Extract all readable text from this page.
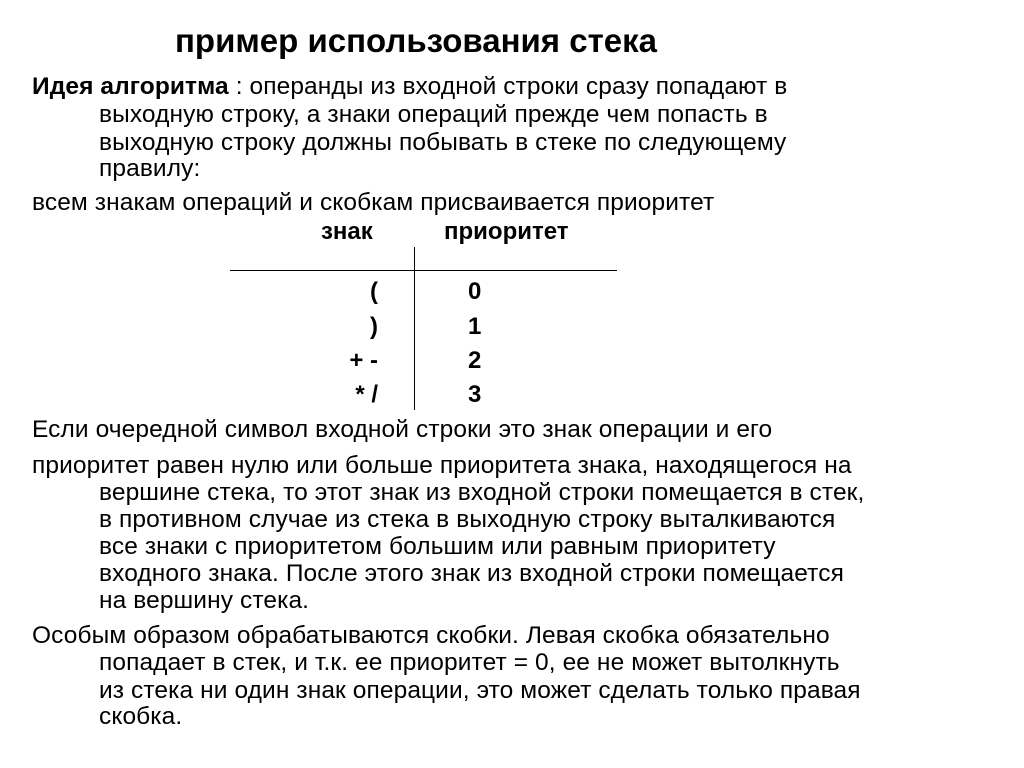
пример использования стека
Идея алгоритма : операнды из входной строки сразу попадают в
выходную строку, а знаки операций прежде чем попасть в
выходную строку должны побывать в стеке по следующему
правилу:
всем знакам операций и скобкам присваивается приоритет
знак	приоритет
(	0
)	1
+ -	2
* /	3
Если очередной символ входной строки это знак операции и его
приоритет равен нулю или больше приоритета знака, находящегося на
вершине стека, то этот знак из входной строки помещается в стек,
в противном случае из стека в выходную строку выталкиваются
все знаки с приоритетом большим или равным приоритету
входного знака. После этого знак из входной строки помещается
на вершину стека.
Особым образом обрабатываются скобки. Левая скобка обязательно
попадает в стек, и т.к. ее приоритет = 0, ее не может вытолкнуть
из стека ни один знак операции, это может сделать только правая
скобка.
